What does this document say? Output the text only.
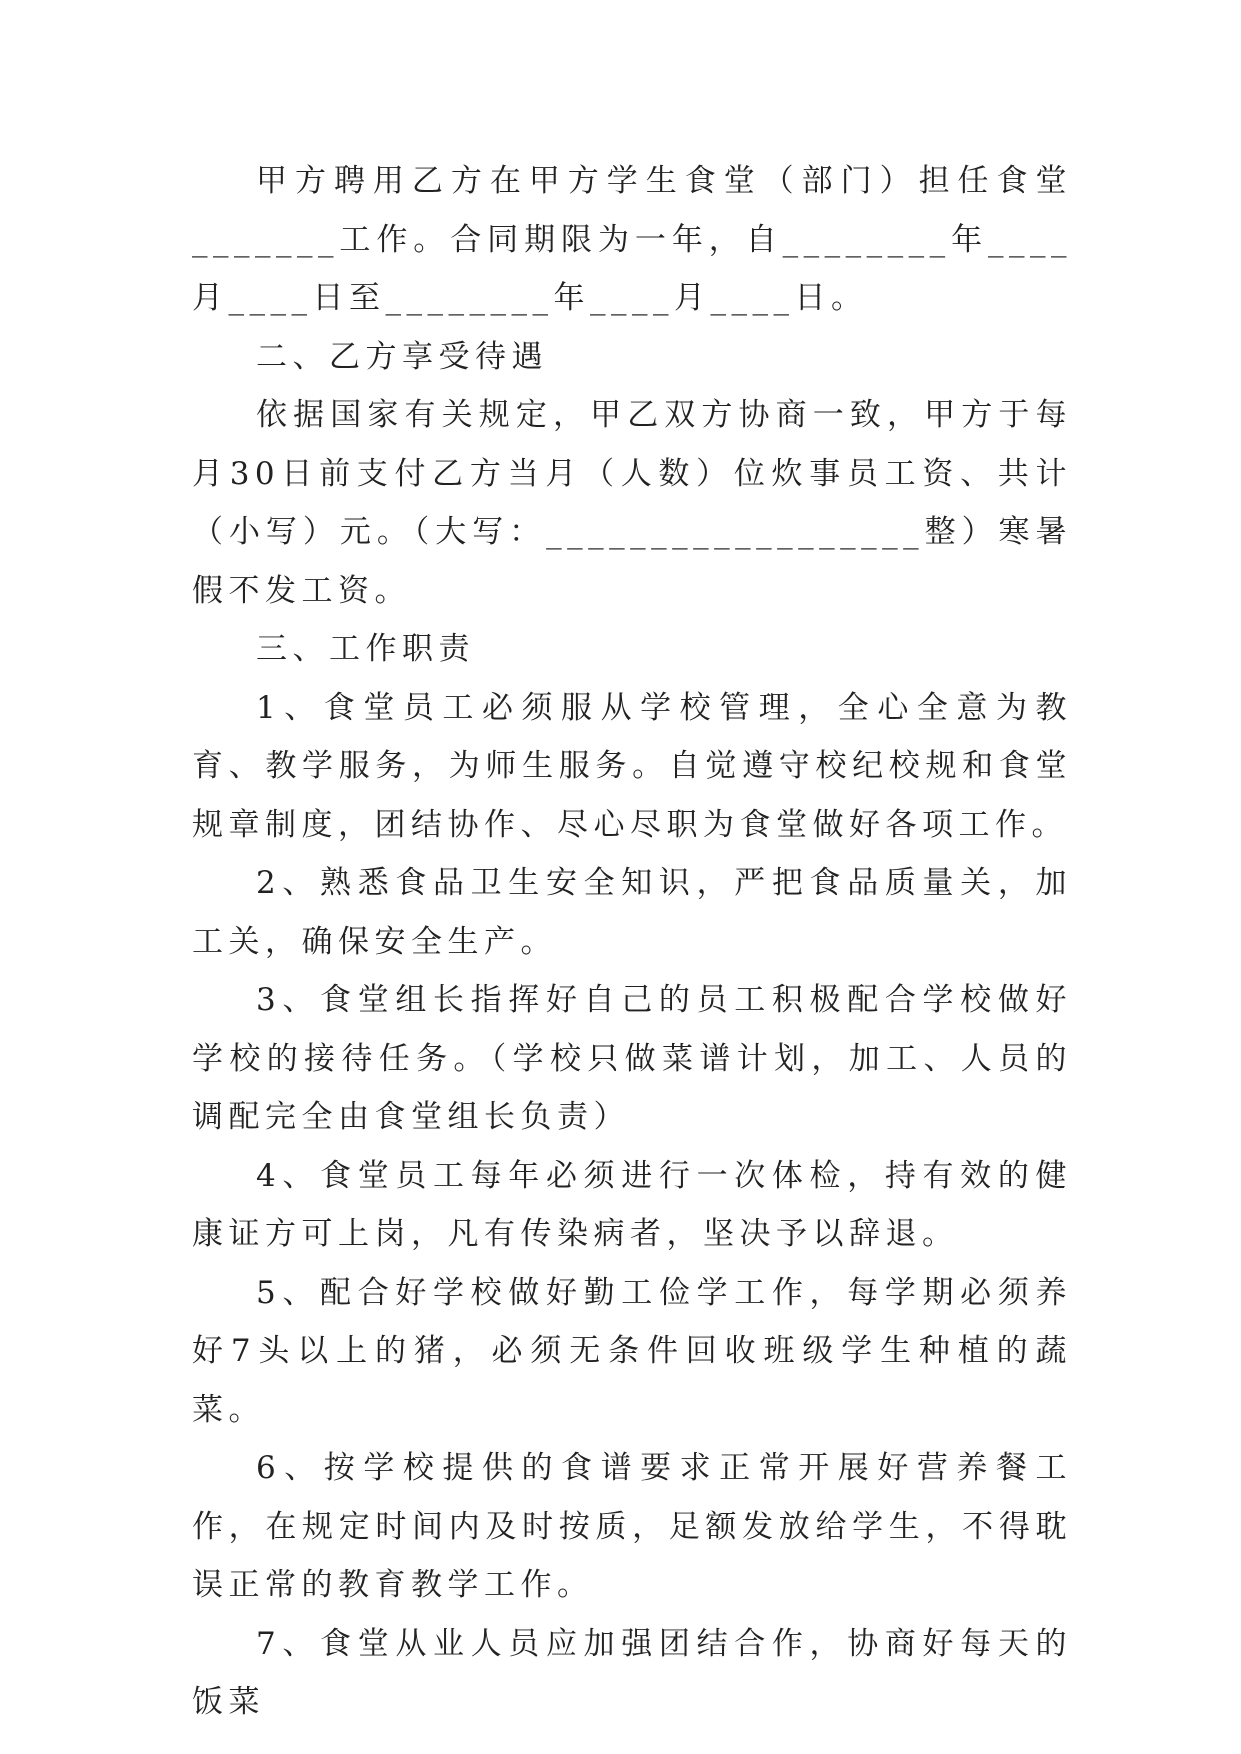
甲方聘用乙方在甲方学生食堂（部门）担任食堂_______工作。合同期限为一年，自________年____月____日至________年____月____日。

二、乙方享受待遇

依据国家有关规定，甲乙双方协商一致，甲方于每月30日前支付乙方当月（人数）位炊事员工资、共计（小写）元。（大写：__________________整）寒暑假不发工资。

三、工作职责

1、食堂员工必须服从学校管理，全心全意为教育、教学服务，为师生服务。自觉遵守校纪校规和食堂规章制度，团结协作、尽心尽职为食堂做好各项工作。

2、熟悉食品卫生安全知识，严把食品质量关，加工关，确保安全生产。

3、食堂组长指挥好自己的员工积极配合学校做好学校的接待任务。（学校只做菜谱计划，加工、人员的调配完全由食堂组长负责）

4、食堂员工每年必须进行一次体检，持有效的健康证方可上岗，凡有传染病者，坚决予以辞退。

5、配合好学校做好勤工俭学工作，每学期必须养好7头以上的猪，必须无条件回收班级学生种植的蔬菜。

6、按学校提供的食谱要求正常开展好营养餐工作，在规定时间内及时按质，足额发放给学生，不得耽误正常的教育教学工作。

7、食堂从业人员应加强团结合作，协商好每天的饭菜
